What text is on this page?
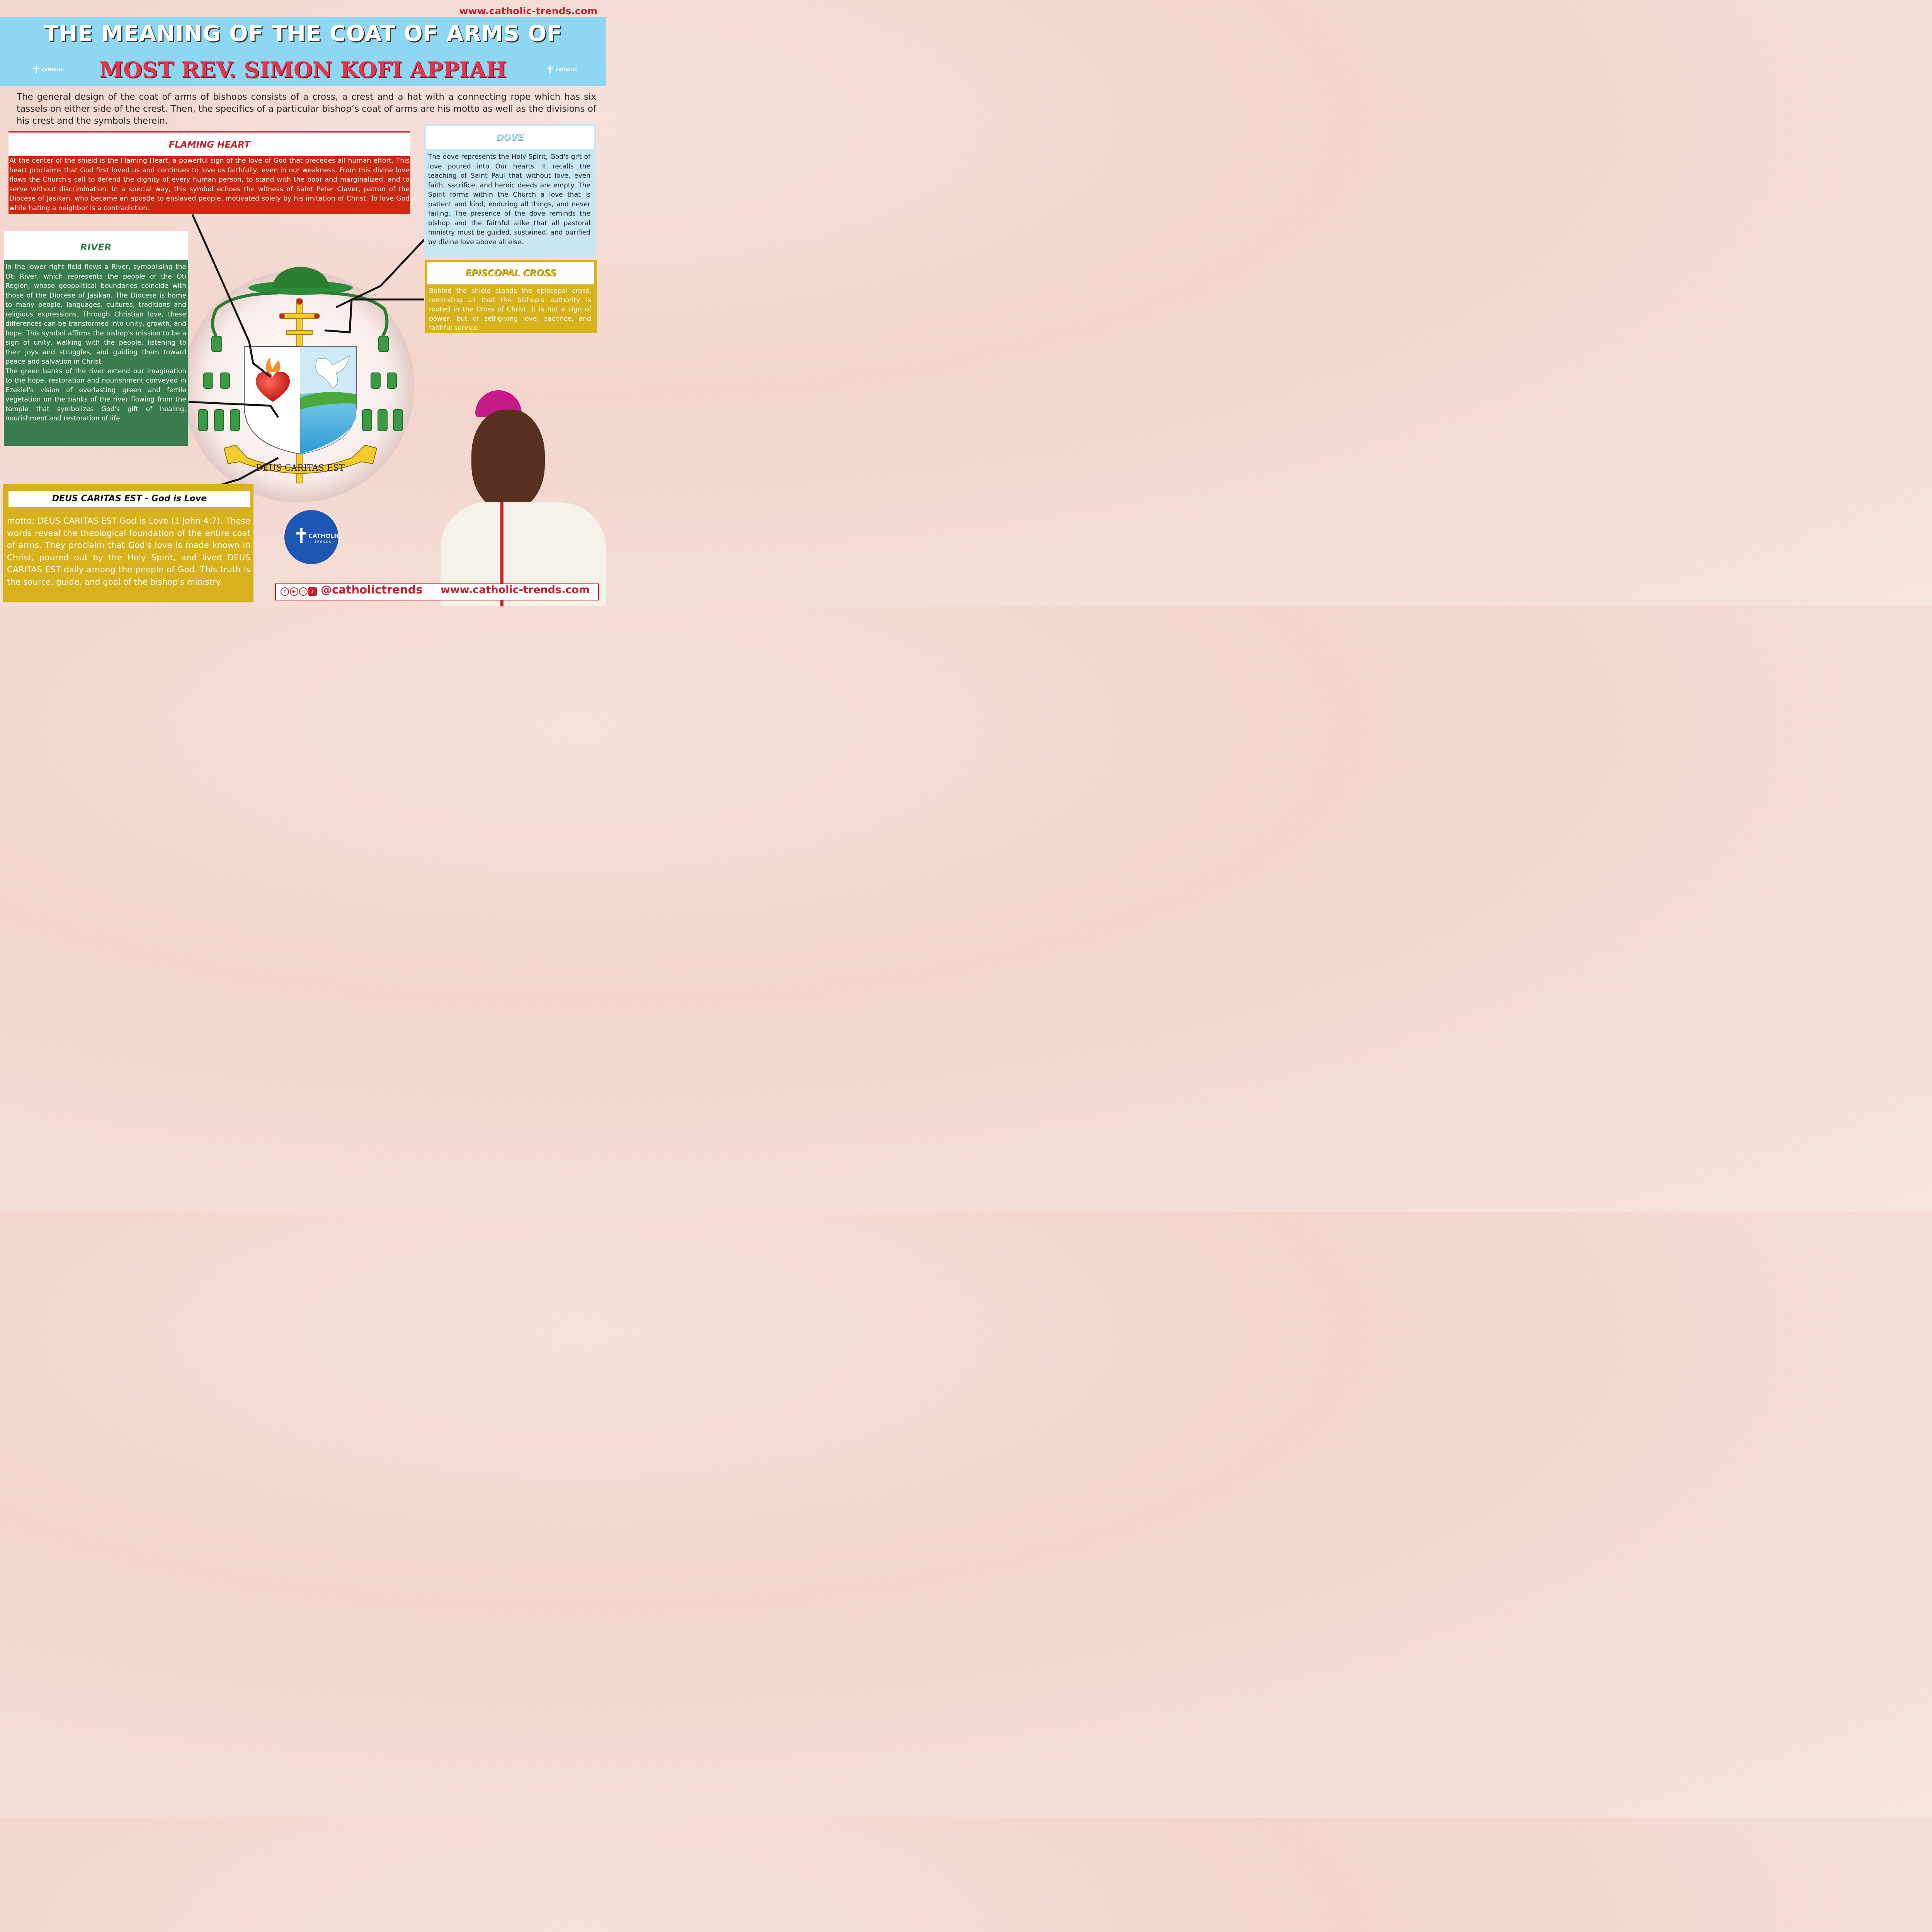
www.catholic-trends.com
THE MEANING OF THE COAT OF ARMS OF
MOST REV. SIMON KOFI APPIAH
✝ CATHOLIC	✝ CATHOLIC
The general design of the coat of arms of bishops consists of a cross, a crest and a hat with a connecting rope which has six tassels on either side of the crest. Then, the specifics of a particular bishop’s coat of arms are his motto as well as the divisions of his crest and the symbols therein.
DEUS CARITAS EST
FLAMING HEART
At the center of the shield is the Flaming Heart, a powerful sign of the love of God that precedes all human effort. This heart proclaims that God first loved us and continues to love us faithfully, even in our weakness. From this divine love flows the Church's call to defend the dignity of every human person, to stand with the poor and marginalized, and to serve without discrimination. In a special way, this symbol echoes the witness of Saint Peter Claver, patron of the Diocese of Jasikan, who became an apostle to enslaved people, motivated solely by his imitation of Christ. To love God while hating a neighbor is a contradiction.
DOVE
The dove represents the Holy Spirit, God's gift of love poured into Our hearts. It recalls the teaching of Saint Paul that without love, even faith, sacrifice, and heroic deeds are empty. The Spirit forms within the Church a love that is patient and kind, enduring all things, and never failing. The presence of the dove reminds the bishop and the faithful alike that all pastoral ministry must be guided, sustained, and purified by divine love above all else.
EPISCOPAL CROSS
Behind the shield stands the episcopal cross, reminding all that the bishop's authority is rooted in the Cross of Christ. It is not a sign of power, but of self-giving love, sacrifice, and faithful service.
RIVER
In the lower right field flows a River, symbolising the Oti River, which represents the people of the Oti Region, whose geopolitical boundaries coincide with those of the Diocese of Jasikan. The Diocese is home to many people, languages, cultures, traditions and religious expressions. Through Christian love, these differences can be transformed into unity, growth, and hope. This symbol affirms the bishop's mission to be a sign of unity, walking with the people, listening to their joys and struggles, and guiding them toward peace and salvation in Christ.
The green banks of the river extend our imagination to the hope, restoration and nourishment conveyed in Ezekiel's vision of everlasting green and fertile vegetation on the banks of the river flowing from the temple that symbolizes God's gift of healing, nourishment and restoration of life.
DEUS CARITAS EST - God is Love
motto: DEUS CARITAS EST God is Love (1 John 4:7). These words reveal the theological foundation of the entire coat of arms. They proclaim that God's love is made known in Christ, poured out by the Holy Spirit, and lived DEUS CARITAS EST daily among the people of God. This truth is the source, guide, and goal of the bishop's ministry.
✝
CATHOLIC
TRENDS
f	▶	◎	♪ @catholictrends www.catholic-trends.com
